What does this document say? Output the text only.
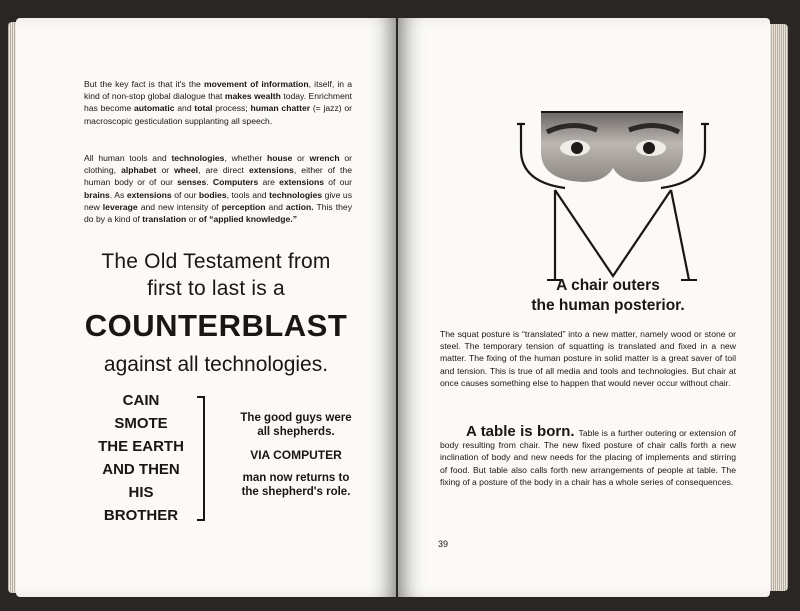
But the key fact is that it's the movement of information, itself, in a kind of non-stop global dialogue that makes wealth today. Enrichment has become automatic and total process; human chatter (= jazz) or macroscopic gesticulation supplanting all speech.

All human tools and technologies, whether house or wrench or clothing, alphabet or wheel, are direct extensions, either of the human body or of our senses. Computers are extensions of our brains. As extensions of our bodies, tools and technologies give us new leverage and new intensity of perception and action. This they do by a kind of translation or of “applied knowledge.”

The Old Testament from
first to last is a
COUNTERBLAST
against all technologies.
CAIN
SMOTE
THE EARTH
AND THEN
HIS
BROTHER
The good guys were
all shepherds.
VIA COMPUTER
man now returns to
the shepherd's role.
A chair outers
the human posterior.

The squat posture is “translated” into a new matter, namely wood or stone or steel. The temporary tension of squatting is translated and fixed in a new matter. The fixing of the human posture in solid matter is a great saver of toil and tension. This is true of all media and tools and technologies. But chair at once causes something else to happen that would never occur without chair.

A table is born. Table is a further outering or extension of body resulting from chair. The new fixed posture of chair calls forth a new inclination of body and new needs for the placing of implements and stirring of food. But table also calls forth new arrangements of people at table. The fixing of a posture of the body in a chair has a whole series of consequences.

39
